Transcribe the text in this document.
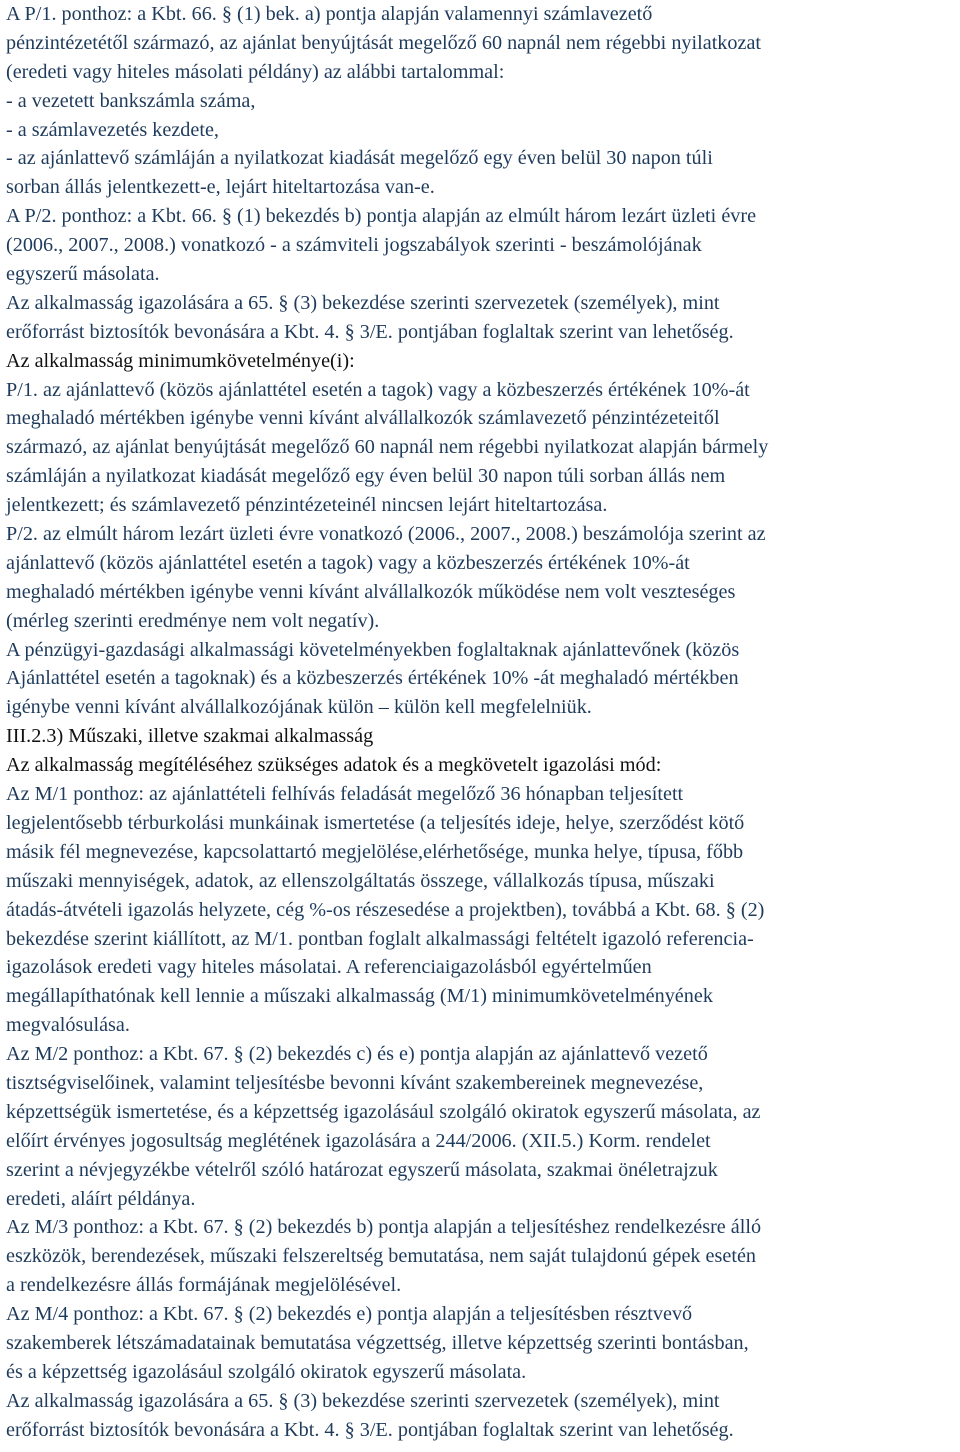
A P/1. ponthoz: a Kbt. 66. § (1) bek. a) pontja alapján valamennyi számlavezető
pénzintézetétől származó, az ajánlat benyújtását megelőző 60 napnál nem régebbi nyilatkozat
(eredeti vagy hiteles másolati példány) az alábbi tartalommal:
- a vezetett bankszámla száma,
- a számlavezetés kezdete,
- az ajánlattevő számláján a nyilatkozat kiadását megelőző egy éven belül 30 napon túli
sorban állás jelentkezett-e, lejárt hiteltartozása van-e.
A P/2. ponthoz: a Kbt. 66. § (1) bekezdés b) pontja alapján az elmúlt három lezárt üzleti évre
(2006., 2007., 2008.) vonatkozó - a számviteli jogszabályok szerinti - beszámolójának
egyszerű másolata.
Az alkalmasság igazolására a 65. § (3) bekezdése szerinti szervezetek (személyek), mint
erőforrást biztosítók bevonására a Kbt. 4. § 3/E. pontjában foglaltak szerint van lehetőség.
Az alkalmasság minimumkövetelménye(i):
P/1. az ajánlattevő (közös ajánlattétel esetén a tagok) vagy a közbeszerzés értékének 10%-át
meghaladó mértékben igénybe venni kívánt alvállalkozók számlavezető pénzintézeteitől
származó, az ajánlat benyújtását megelőző 60 napnál nem régebbi nyilatkozat alapján bármely
számláján a nyilatkozat kiadását megelőző egy éven belül 30 napon túli sorban állás nem
jelentkezett; és számlavezető pénzintézeteinél nincsen lejárt hiteltartozása.
P/2. az elmúlt három lezárt üzleti évre vonatkozó (2006., 2007., 2008.) beszámolója szerint az
ajánlattevő (közös ajánlattétel esetén a tagok) vagy a közbeszerzés értékének 10%-át
meghaladó mértékben igénybe venni kívánt alvállalkozók működése nem volt veszteséges
(mérleg szerinti eredménye nem volt negatív).
A pénzügyi-gazdasági alkalmassági követelményekben foglaltaknak ajánlattevőnek (közös
Ajánlattétel esetén a tagoknak) és a közbeszerzés értékének 10% -át meghaladó mértékben
igénybe venni kívánt alvállalkozójának külön – külön kell megfelelniük.
III.2.3) Műszaki, illetve szakmai alkalmasság
Az alkalmasság megítéléséhez szükséges adatok és a megkövetelt igazolási mód:
Az M/1 ponthoz: az ajánlattételi felhívás feladását megelőző 36 hónapban teljesített
legjelentősebb térburkolási munkáinak ismertetése (a teljesítés ideje, helye, szerződést kötő
másik fél megnevezése, kapcsolattartó megjelölése,elérhetősége, munka helye, típusa, főbb
műszaki mennyiségek, adatok, az ellenszolgáltatás összege, vállalkozás típusa, műszaki
átadás-átvételi igazolás helyzete, cég %-os részesedése a projektben), továbbá a Kbt. 68. § (2)
bekezdése szerint kiállított, az M/1. pontban foglalt alkalmassági feltételt igazoló referencia-
igazolások eredeti vagy hiteles másolatai. A referenciaigazolásból egyértelműen
megállapíthatónak kell lennie a műszaki alkalmasság (M/1) minimumkövetelményének
megvalósulása.
Az M/2 ponthoz: a Kbt. 67. § (2) bekezdés c) és e) pontja alapján az ajánlattevő vezető
tisztségviselőinek, valamint teljesítésbe bevonni kívánt szakembereinek megnevezése,
képzettségük ismertetése, és a képzettség igazolásául szolgáló okiratok egyszerű másolata, az
előírt érvényes jogosultság meglétének igazolására a 244/2006. (XII.5.) Korm. rendelet
szerint a névjegyzékbe vételről szóló határozat egyszerű másolata, szakmai önéletrajzuk
eredeti, aláírt példánya.
Az M/3 ponthoz: a Kbt. 67. § (2) bekezdés b) pontja alapján a teljesítéshez rendelkezésre álló
eszközök, berendezések, műszaki felszereltség bemutatása, nem saját tulajdonú gépek esetén
a rendelkezésre állás formájának megjelölésével.
Az M/4 ponthoz: a Kbt. 67. § (2) bekezdés e) pontja alapján a teljesítésben résztvevő
szakemberek létszámadatainak bemutatása végzettség, illetve képzettség szerinti bontásban,
és a képzettség igazolásául szolgáló okiratok egyszerű másolata.
Az alkalmasság igazolására a 65. § (3) bekezdése szerinti szervezetek (személyek), mint
erőforrást biztosítók bevonására a Kbt. 4. § 3/E. pontjában foglaltak szerint van lehetőség.
